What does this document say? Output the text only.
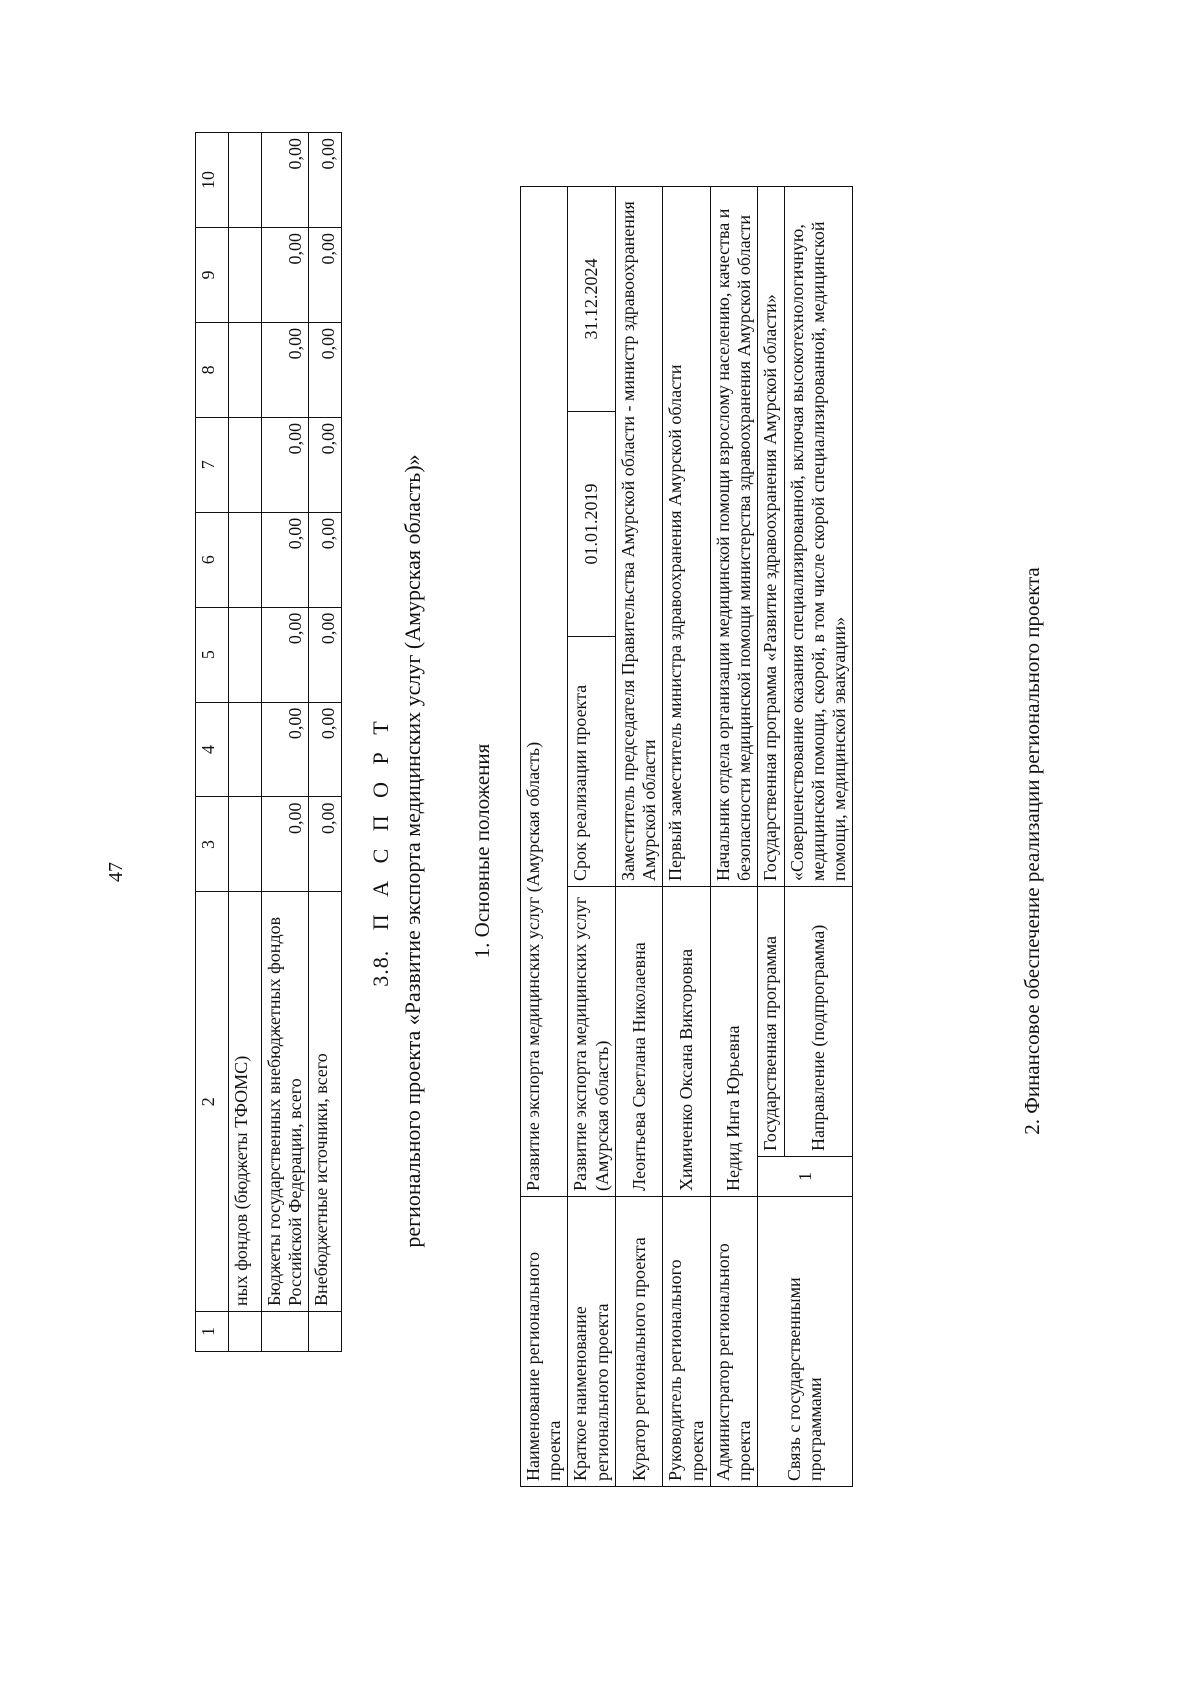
47
1	2	3	4	5	6	7	8	9	10
	ных фондов (бюджеты ТФОМС)								
	Бюджеты государственных внебюджетных фондов Российской Федерации, всего	0,00	0,00	0,00	0,00	0,00	0,00	0,00	0,00
	Внебюджетные источники, всего	0,00	0,00	0,00	0,00	0,00	0,00	0,00	0,00
3.8.   П А С П О Р Т регионального проекта «Развитие экспорта медицинских услуг (Амурская область)» 1. Основные положения
Наименование регионального проекта	Развитие экспорта медицинских услуг (Амурская область)				
Краткое наименование регионального проекта	Развитие экспорта медицинских услуг (Амурская область)		Срок реализации проекта	01.01.2019	31.12.2024
Куратор регионального проекта	Леонтьева Светлана Николаевна		Заместитель председателя Правительства Амурской области - министр здравоохранения Амурской области		
Руководитель регионального проекта	Химиченко Оксана Викторовна		Первый заместитель министра здравоохранения Амурской области		
Администратор регионального проекта	Недид Инга Юрьевна		Начальник отдела организации медицинской помощи взрослому населению, качества и безопасности медицинской помощи министерства здравоохранения Амурской области		
Связь с государственными программами	1	Государственная программа	Государственная программа «Развитие здравоохранения Амурской области»		
		Направление (подпрограмма)	«Совершенствование оказания специализированной, включая высокотехнологичную, медицинской помощи, скорой, в том числе скорой специализированной, медицинской помощи, медицинской эвакуации»			2. Финансовое обеспечение реализации регионального проекта
